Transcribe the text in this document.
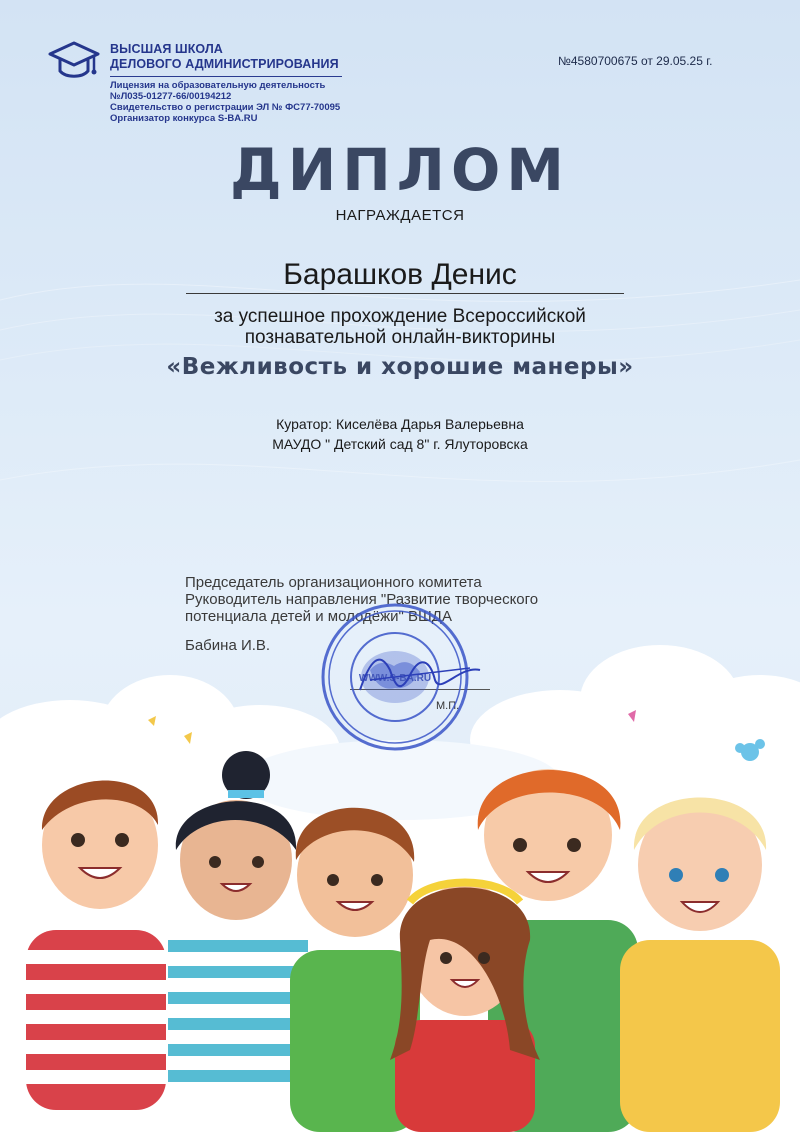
ВЫСШАЯ ШКОЛА
ДЕЛОВОГО АДМИНИСТРИРОВАНИЯ
Лицензия на образовательную деятельность
№Л035-01277-66/00194212
Свидетельство о регистрации ЭЛ № ФС77-70095
Организатор конкурса S-BA.RU
№4580700675 от 29.05.25 г.
ДИПЛОМ
НАГРАЖДАЕТСЯ
Барашков Денис
за успешное прохождение Всероссийской
познавательной онлайн-викторины
«Вежливость и хорошие манеры»
Куратор: Киселёва Дарья Валерьевна
МАУДО " Детский сад 8" г. Ялуторовска
Председатель организационного комитета
Руководитель направления "Развитие творческого
потенциала детей и молодёжи" ВШДА
Бабина И.В.
М.П.
WWW.S-BA.RU
